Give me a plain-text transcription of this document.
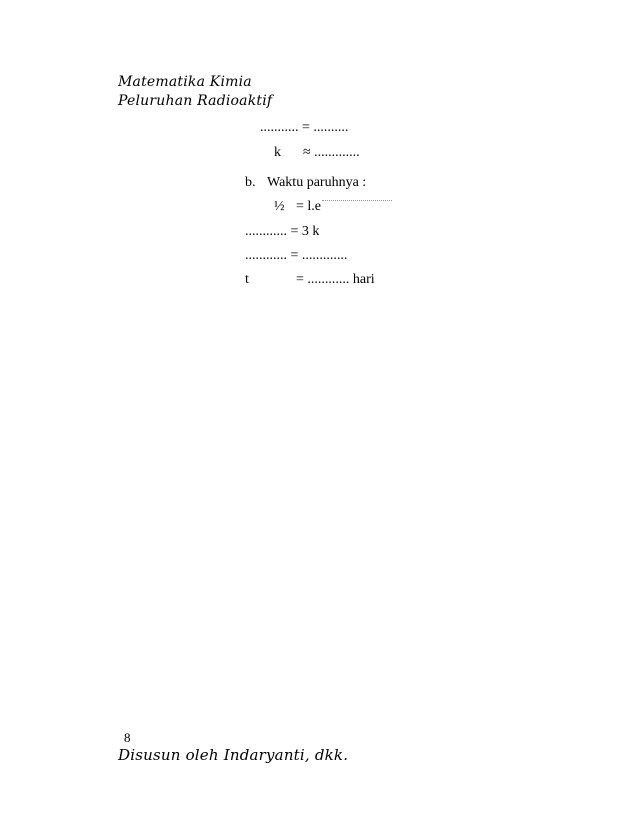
Matematika Kimia
Peluruhan Radioaktif
........... = ..........
k ≈ .............
b. Waktu paruhnya :
½ = l.e
............ = 3 k
............ = .............
t	= ............ hari
8
Disusun oleh Indaryanti, dkk.
